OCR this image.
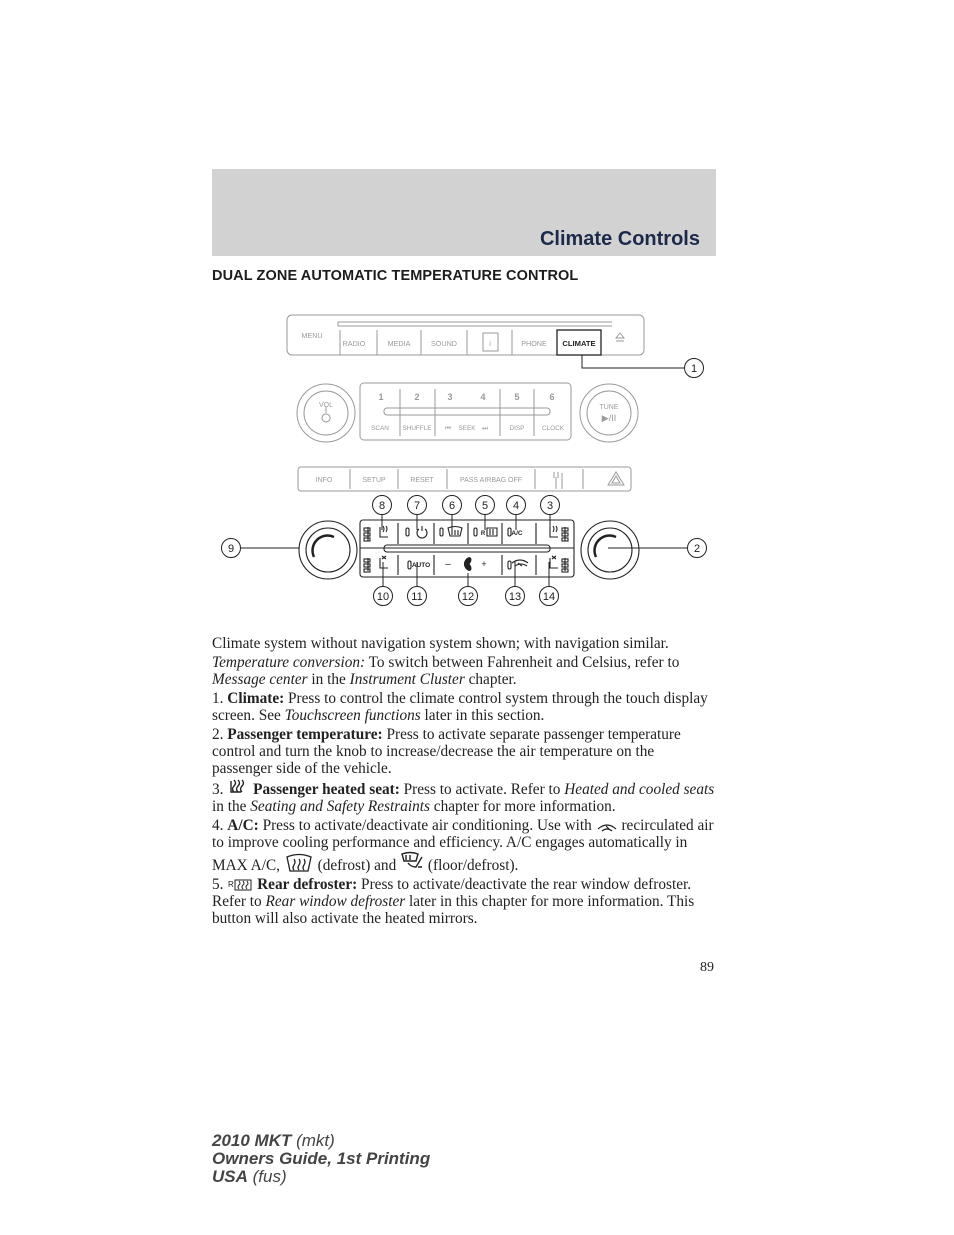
Climate Controls
DUAL ZONE AUTOMATIC TEMPERATURE CONTROL
MENU
RADIO	MEDIA	SOUND	i	PHONE CLIMATE
VOL	TUNE
▶/II
1	2	3	4	5	6
SCAN SHUFFLE	SEEK	DISP	CLOCK
⏮	⏭
INFO	SETUP	RESET	PASS AIRBAG OFF
A/C
AUTO –	+
R
1
2
3
4
5
6
7
8
9
10 11	12	13 14

Climate system without navigation system shown; with navigation similar.

Temperature conversion: To switch between Fahrenheit and Celsius, refer to Message center in the Instrument Cluster chapter.

1. Climate: Press to control the climate control system through the touch display screen. See Touchscreen functions later in this section.

2. Passenger temperature: Press to activate separate passenger temperature control and turn the knob to increase/decrease the air temperature on the passenger side of the vehicle.

3.  Passenger heated seat: Press to activate. Refer to Heated and cooled seats in the Seating and Safety Restraints chapter for more information.

4. A/C: Press to activate/deactivate air conditioning. Use with  recirculated air to improve cooling performance and efficiency. A/C engages automatically in MAX A/C,  (defrost) and  (floor/defrost).

5. R Rear defroster: Press to activate/deactivate the rear window defroster. Refer to Rear window defroster later in this chapter for more information. This button will also activate the heated mirrors.

89
2010 MKT (mkt)
Owners Guide, 1st Printing
USA (fus)
